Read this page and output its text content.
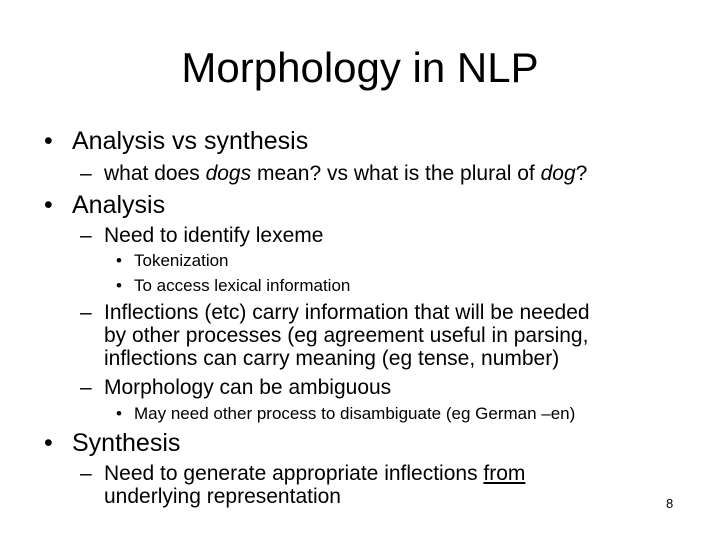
Morphology in NLP
• Analysis vs synthesis
– what does dogs mean? vs what is the plural of dog?
• Analysis
– Need to identify lexeme
• Tokenization
• To access lexical information
– Inflections (etc) carry information that will be needed
by other processes (eg agreement useful in parsing,
inflections can carry meaning (eg tense, number)
– Morphology can be ambiguous
• May need other process to disambiguate (eg German –en)
• Synthesis
– Need to generate appropriate inflections from
underlying representation	8
